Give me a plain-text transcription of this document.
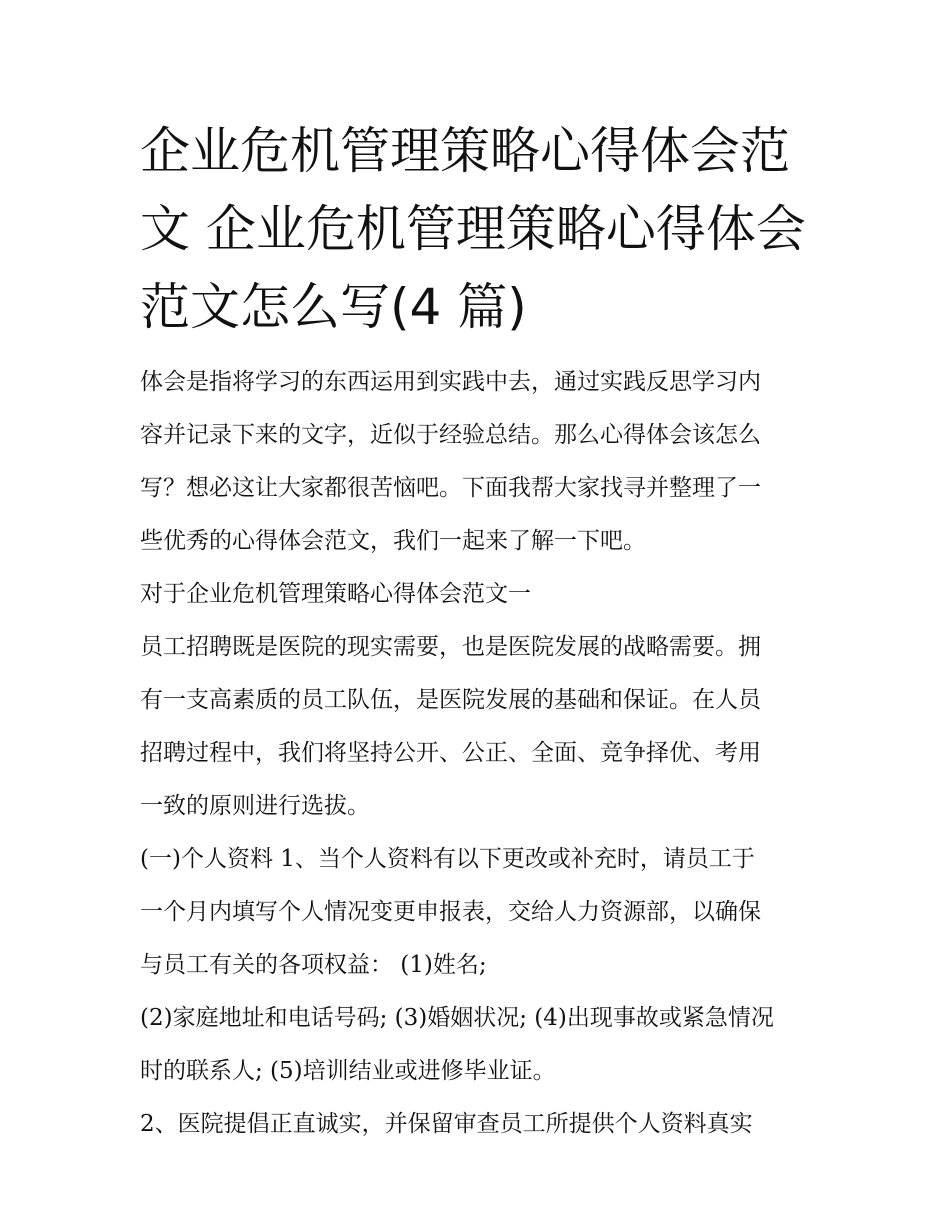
企业危机管理策略心得体会范
文 企业危机管理策略心得体会
范文怎么写(4 篇)
体会是指将学习的东西运用到实践中去，通过实践反思学习内
容并记录下来的文字，近似于经验总结。那么心得体会该怎么
写？想必这让大家都很苦恼吧。下面我帮大家找寻并整理了一
些优秀的心得体会范文，我们一起来了解一下吧。
对于企业危机管理策略心得体会范文一
员工招聘既是医院的现实需要，也是医院发展的战略需要。拥
有一支高素质的员工队伍，是医院发展的基础和保证。在人员
招聘过程中，我们将坚持公开、公正、全面、竞争择优、考用
一致的原则进行选拔。
(一)个人资料 1、当个人资料有以下更改或补充时，请员工于
一个月内填写个人情况变更申报表，交给人力资源部，以确保
与员工有关的各项权益： (1)姓名;
(2)家庭地址和电话号码; (3)婚姻状况; (4)出现事故或紧急情况
时的联系人; (5)培训结业或进修毕业证。
2、医院提倡正直诚实，并保留审查员工所提供个人资料真实
